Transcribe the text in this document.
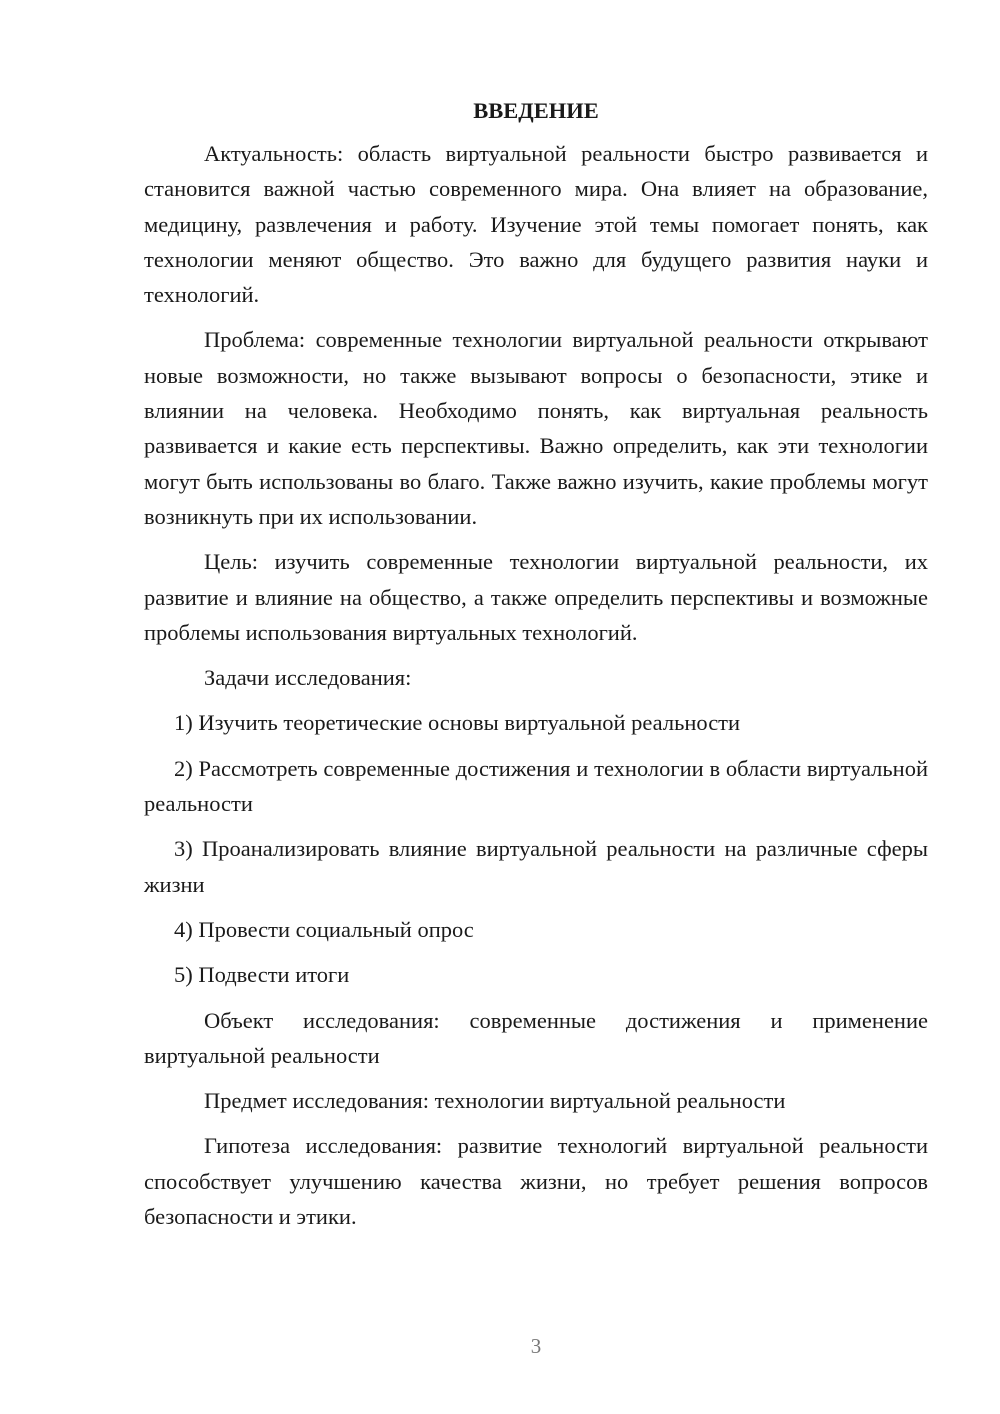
ВВЕДЕНИЕ

Актуальность: область виртуальной реальности быстро развивается и становится важной частью современного мира. Она влияет на образование, медицину, развлечения и работу. Изучение этой темы помогает понять, как технологии меняют общество. Это важно для будущего развития науки и технологий.

Проблема: современные технологии виртуальной реальности открывают новые возможности, но также вызывают вопросы о безопасности, этике и влиянии на человека. Необходимо понять, как виртуальная реальность развивается и какие есть перспективы. Важно определить, как эти технологии могут быть использованы во благо. Также важно изучить, какие проблемы могут возникнуть при их использовании.

Цель: изучить современные технологии виртуальной реальности, их развитие и влияние на общество, а также определить перспективы и возможные проблемы использования виртуальных технологий.

Задачи исследования:

1) Изучить теоретические основы виртуальной реальности

2) Рассмотреть современные достижения и технологии в области виртуальной реальности

3) Проанализировать влияние виртуальной реальности на различные сферы жизни

4) Провести социальный опрос

5) Подвести итоги

Объект исследования: современные достижения и применение виртуальной реальности

Предмет исследования: технологии виртуальной реальности

Гипотеза исследования: развитие технологий виртуальной реальности способствует улучшению качества жизни, но требует решения вопросов безопасности и этики.

3
